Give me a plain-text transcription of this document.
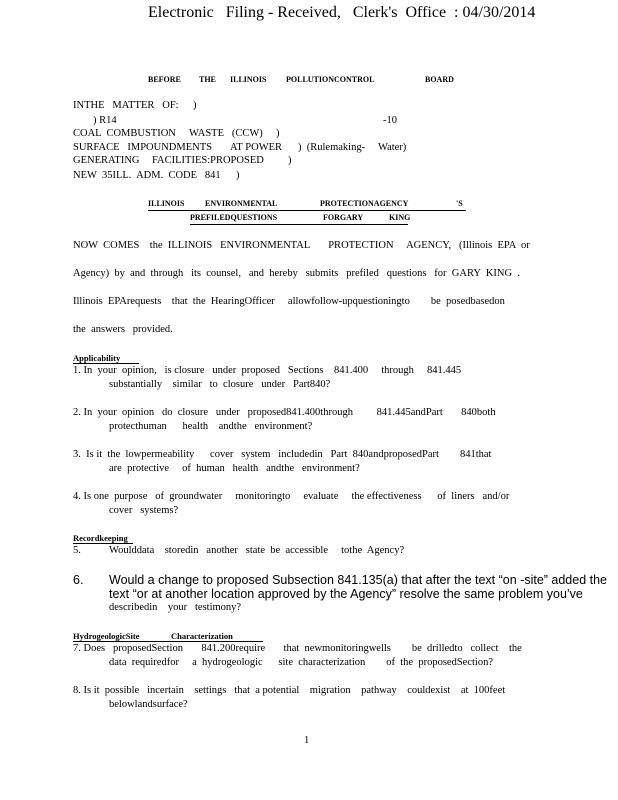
Electronic   Filing - Received,   Clerk's  Office  : 04/30/2014
BEFORE THE ILLINOIS POLLUTIONCONTROL	BOARD
INTHE   MATTER   OF: )
) R14	-10
COAL  COMBUSTION WASTE   (CCW) )
SURFACE   IMPOUNDMENTS AT POWER )  (Rulemaking-     Water)
GENERATING FACILITIES:PROPOSED )
NEW  35ILL.  ADM.  CODE   841 )
ILLINOIS	ENVIRONMENTAL	PROTECTIONAGENCY	'S
PREFILEDQUESTIONS	FORGARY	KING
NOW  COMES    the  ILLINOIS   ENVIRONMENTAL       PROTECTION     AGENCY,   (Illinois  EPA  or
Agency)  by  and  through   its  counsel,   and  hereby   submits   prefiled   questions   for  GARY  KING  .
Illinois  EPArequests    that  the  HearingOfficer     allowfollow-upquestioningto        be  posedbasedon
the  answers   provided.
Applicability
1. In  your  opinion,   is closure   under  proposed   Sections    841.400     through     841.445
substantially    similar   to  closure   under   Part840?
2. In  your  opinion   do  closure   under   proposed841.400through         841.445andPart       840both
protecthuman      health    andthe   environment?
3.  Is it  the  lowpermeability      cover   system   includedin   Part  840andproposedPart        841that
are  protective     of  human   health   andthe   environment?
4. Is one  purpose   of  groundwater     monitoringto     evaluate     the effectiveness      of  liners   and/or
cover   systems?
Recordkeeping
5.	Woulddata    storedin   another   state  be  accessible     tothe  Agency?
6. Would a change to proposed Subsection 841.135(a) that after the text “on -site” added the
text “or at another location approved by the Agency” resolve the same problem you’ve
describedin    your   testimony?
HydrogeologicSite	Characterization
7. Does   proposedSection       841.200require       that  newmonitoringwells        be  drilledto   collect    the
data  requiredfor     a  hydrogeologic      site  characterization        of  the  proposedSection?
8. Is it  possible   incertain    settings   that  a potential    migration    pathway    couldexist    at  100feet
belowlandsurface?
1
